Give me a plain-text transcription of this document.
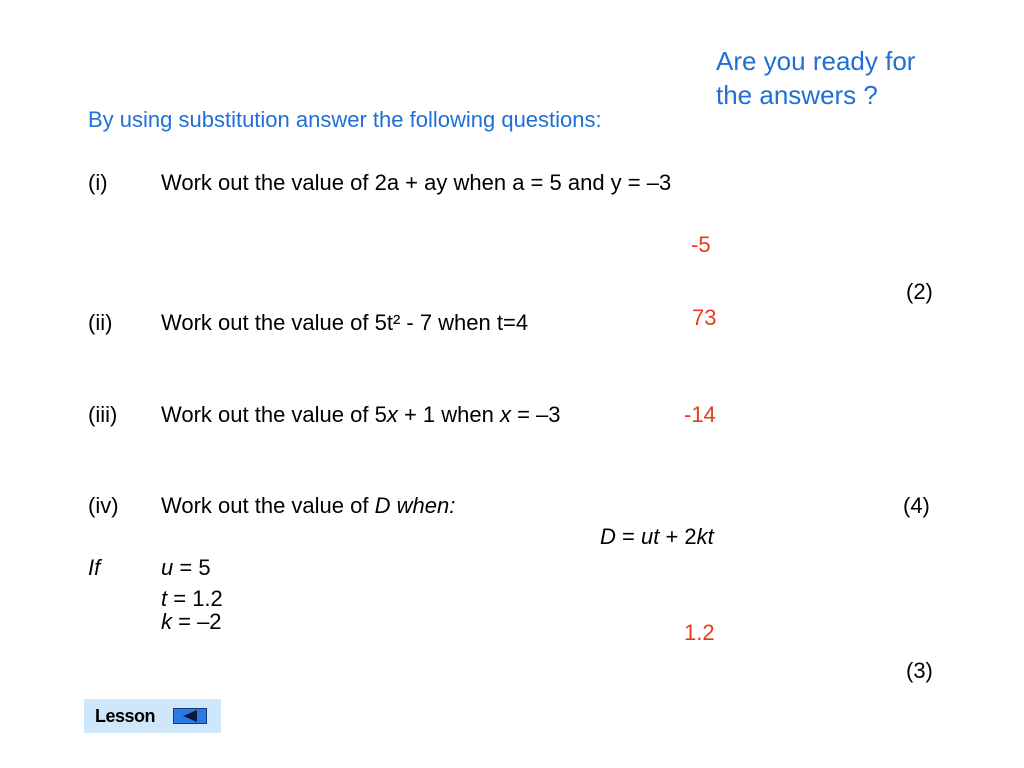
Are you ready for
the answers ?
By using substitution answer the following questions:
(i) Work out the value of 2a + ay when a = 5 and y = –3
-5
(2)
(ii) Work out the value of 5t² - 7 when t=4	73
(iii) Work out the value of 5x + 1 when x = –3	-14
(iv) Work out the value of D when:	(4)
D = ut + 2kt
If	u = 5
t = 1.2
k = –2	1.2
(3)
Lesson
